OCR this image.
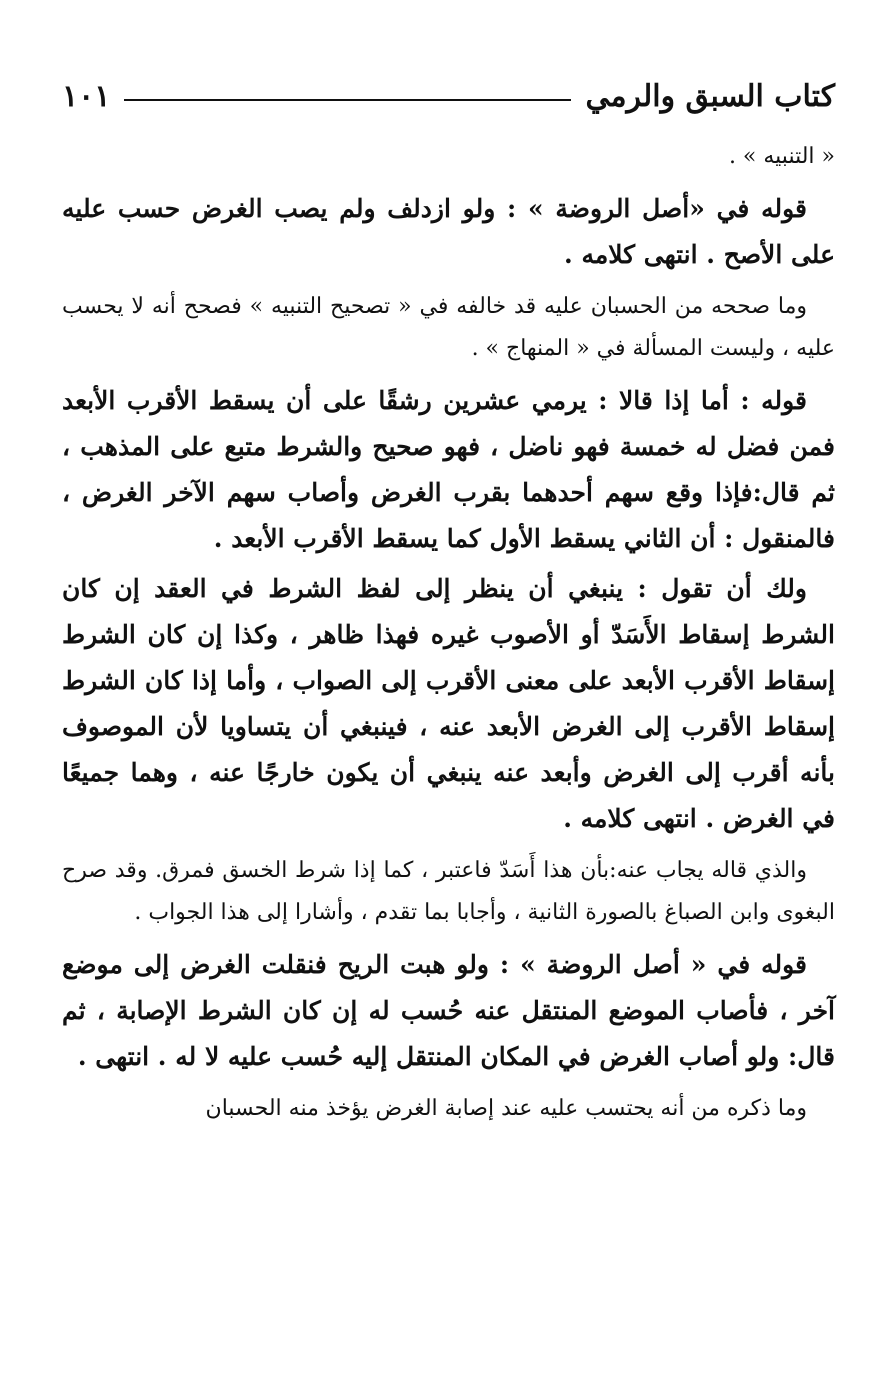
كتاب السبق والرمي
١٠١

« التنبيه » .

قوله في «أصل الروضة » : ولو ازدلف ولم يصب الغرض حسب عليه على الأصح . انتهى كلامه .

وما صححه من الحسبان عليه قد خالفه في « تصحيح التنبيه » فصحح أنه لا يحسب عليه ، وليست المسألة في « المنهاج » .

قوله : أما إذا قالا : يرمي عشرين رشقًا على أن يسقط الأقرب الأبعد فمن فضل له خمسة فهو ناضل ، فهو صحيح والشرط متبع على المذهب ، ثم قال:فإذا وقع سهم أحدهما بقرب الغرض وأصاب سهم الآخر الغرض ، فالمنقول : أن الثاني يسقط الأول كما يسقط الأقرب الأبعد .

ولك أن تقول : ينبغي أن ينظر إلى لفظ الشرط في العقد إن كان الشرط إسقاط الأَسَدّ أو الأصوب غيره فهذا ظاهر ، وكذا إن كان الشرط إسقاط الأقرب الأبعد على معنى الأقرب إلى الصواب ، وأما إذا كان الشرط إسقاط الأقرب إلى الغرض الأبعد عنه ، فينبغي أن يتساويا لأن الموصوف بأنه أقرب إلى الغرض وأبعد عنه ينبغي أن يكون خارجًا عنه ، وهما جميعًا في الغرض . انتهى كلامه .

والذي قاله يجاب عنه:بأن هذا أَسَدّ فاعتبر ، كما إذا شرط الخسق فمرق. وقد صرح البغوى وابن الصباغ بالصورة الثانية ، وأجابا بما تقدم ، وأشارا إلى هذا الجواب .

قوله في « أصل الروضة » : ولو هبت الريح فنقلت الغرض إلى موضع آخر ، فأصاب الموضع المنتقل عنه حُسب له إن كان الشرط الإصابة ، ثم قال: ولو أصاب الغرض في المكان المنتقل إليه حُسب عليه لا له . انتهى .

وما ذكره من أنه يحتسب عليه عند إصابة الغرض يؤخذ منه الحسبان
